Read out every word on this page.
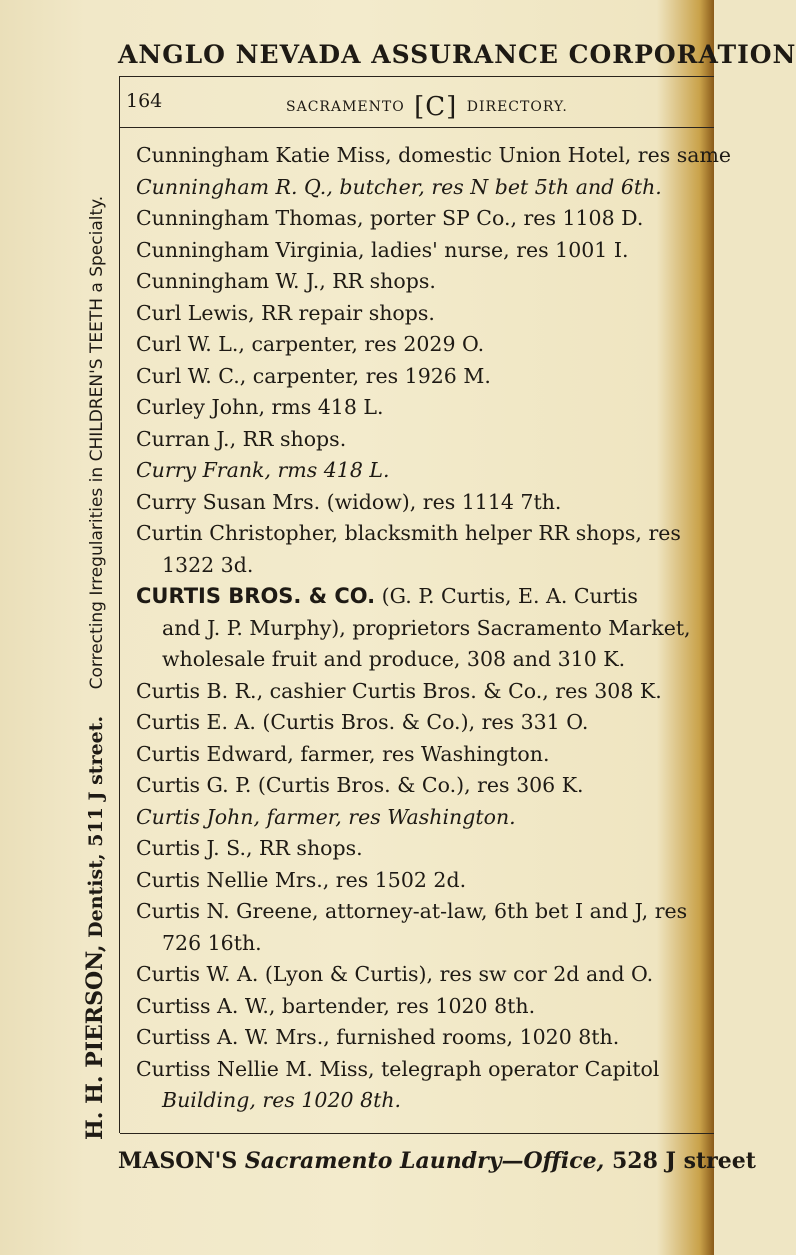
ANGLO NEVADA ASSURANCE CORPORATION
H. H. PIERSON, Dentist, 511 J street.    Correcting Irregularities in CHILDREN'S TEETH a Specialty.
164	SACRAMENTO [C] DIRECTORY.
Cunningham Katie Miss, domestic Union Hotel, res same
Cunningham R. Q., butcher, res N bet 5th and 6th.
Cunningham Thomas, porter SP Co., res 1108 D.
Cunningham Virginia, ladies' nurse, res 1001 I.
Cunningham W. J., RR shops.
Curl Lewis, RR repair shops.
Curl W. L., carpenter, res 2029 O.
Curl W. C., carpenter, res 1926 M.
Curley John, rms 418 L.
Curran J., RR shops.
Curry Frank, rms 418 L.
Curry Susan Mrs. (widow), res 1114 7th.
Curtin Christopher, blacksmith helper RR shops, res
1322 3d.
CURTIS BROS. & CO. (G. P. Curtis, E. A. Curtis
and J. P. Murphy), proprietors Sacramento Market,
wholesale fruit and produce, 308 and 310 K.
Curtis B. R., cashier Curtis Bros. & Co., res 308 K.
Curtis E. A. (Curtis Bros. & Co.), res 331 O.
Curtis Edward, farmer, res Washington.
Curtis G. P. (Curtis Bros. & Co.), res 306 K.
Curtis John, farmer, res Washington.
Curtis J. S., RR shops.
Curtis Nellie Mrs., res 1502 2d.
Curtis N. Greene, attorney-at-law, 6th bet I and J, res
726 16th.
Curtis W. A. (Lyon & Curtis), res sw cor 2d and O.
Curtiss A. W., bartender, res 1020 8th.
Curtiss A. W. Mrs., furnished rooms, 1020 8th.
Curtiss Nellie M. Miss, telegraph operator Capitol
Building, res 1020 8th.
MASON'S Sacramento Laundry—Office, 528 J street
